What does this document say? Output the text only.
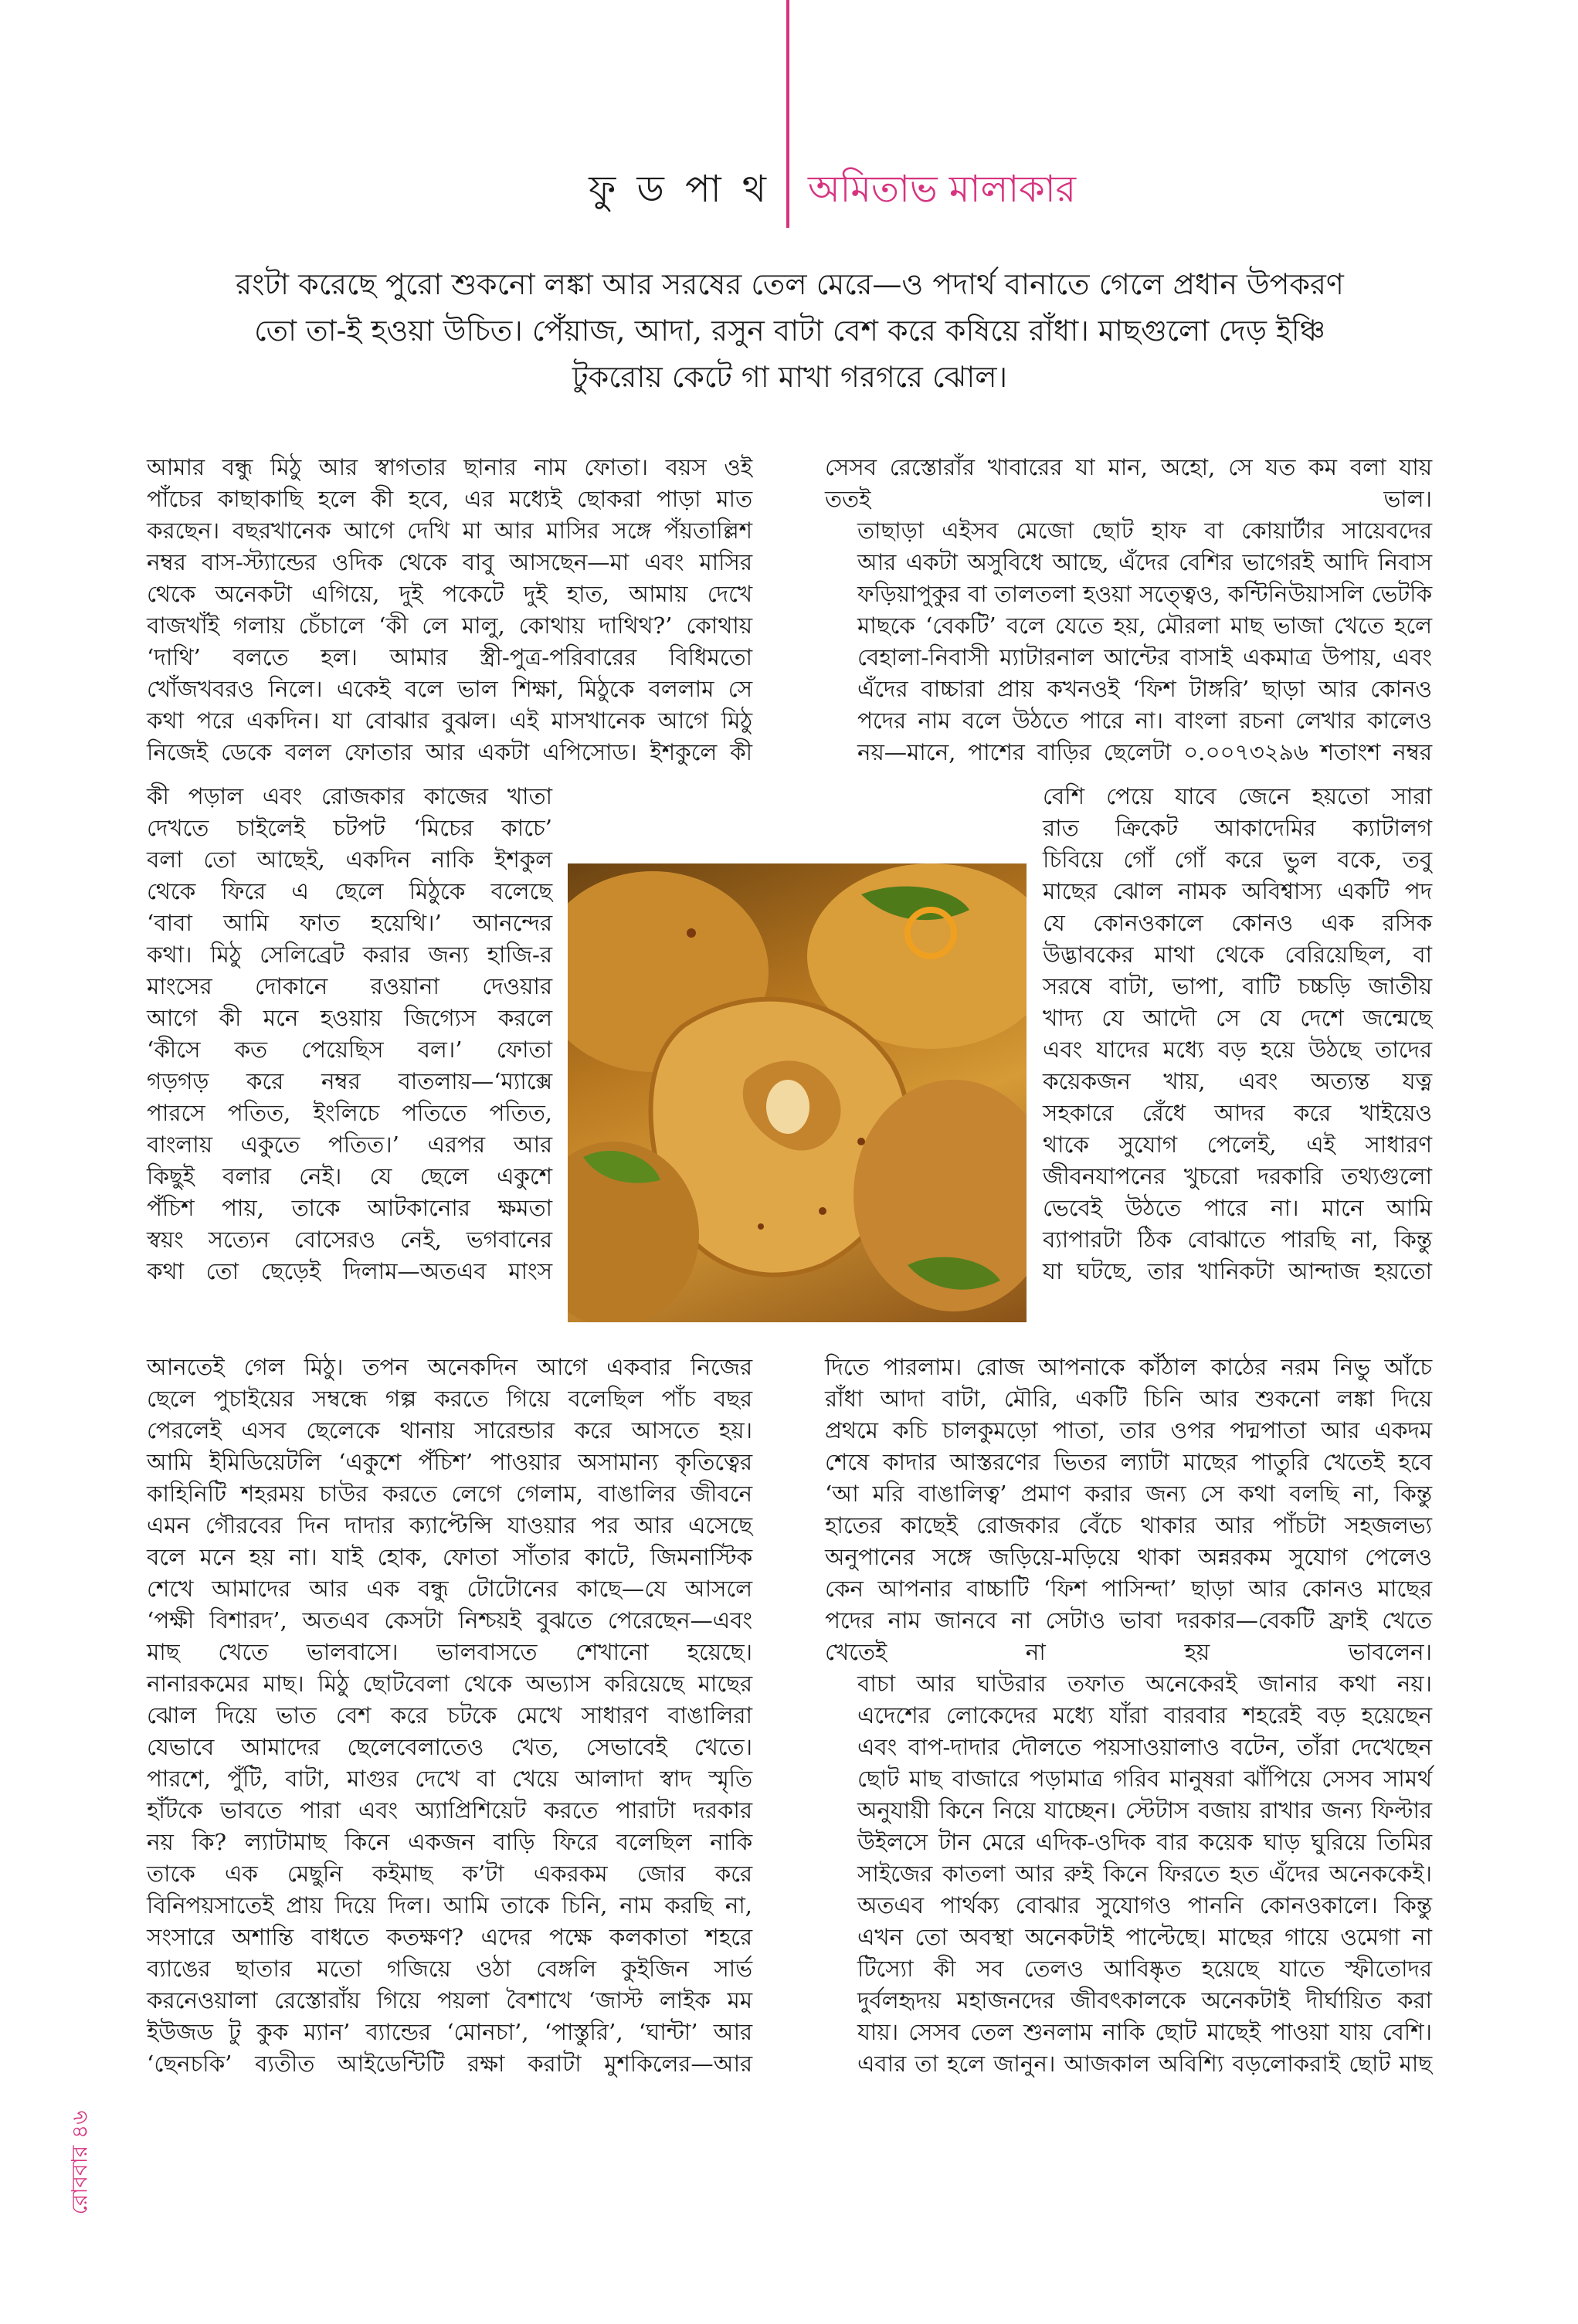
ফু ড পা থ অমিতাভ মালাকার
রংটা করেছে পুরো শুকনো লঙ্কা আর সরষের তেল মেরে—ও পদার্থ বানাতে গেলে প্রধান উপকরণ
তো তা-ই হওয়া উচিত। পেঁয়াজ, আদা, রসুন বাটা বেশ করে কষিয়ে রাঁধা। মাছগুলো দেড় ইঞ্চি
টুকরোয় কেটে গা মাখা গরগরে ঝোল।

আমার বন্ধু মিঠু আর স্বাগতার ছানার নাম ফোতা। বয়স ওই
পাঁচের কাছাকাছি হলে কী হবে, এর মধ্যেই ছোকরা পাড়া মাত
করছেন। বছরখানেক আগে দেখি মা আর মাসির সঙ্গে পঁয়তাল্লিশ
নম্বর বাস-স্ট্যান্ডের ওদিক থেকে বাবু আসছেন—মা এবং মাসির
থেকে অনেকটা এগিয়ে, দুই পকেটে দুই হাত, আমায় দেখে
বাজখাঁই গলায় চেঁচালে ‘কী লে মালু, কোথায় দাথিথ?’ কোথায়
‘দাথি’ বলতে হল। আমার স্ত্রী-পুত্র-পরিবারের বিধিমতো
খোঁজখবরও নিলে। একেই বলে ভাল শিক্ষা, মিঠুকে বললাম সে
কথা পরে একদিন। যা বোঝার বুঝল। এই মাসখানেক আগে মিঠু
নিজেই ডেকে বলল ফোতার আর একটা এপিসোড। ইশকুলে কী

কী পড়াল এবং রোজকার কাজের খাতা
দেখতে চাইলেই চটপট ‘মিচের কাচে’
বলা তো আছেই, একদিন নাকি ইশকুল
থেকে ফিরে এ ছেলে মিঠুকে বলেছে
‘বাবা আমি ফাত হয়েথি।’ আনন্দের
কথা। মিঠু সেলিব্রেট করার জন্য হাজি-র
মাংসের দোকানে রওয়ানা দেওয়ার
আগে কী মনে হওয়ায় জিগ্যেস করলে
‘কীসে কত পেয়েছিস বল।’ ফোতা
গড়গড় করে নম্বর বাতলায়—‘ম্যাক্সে
পারসে পতিত, ইংলিচে পতিতে পতিত,
বাংলায় একুতে পতিত।’ এরপর আর
কিছুই বলার নেই। যে ছেলে একুশে
পঁচিশ পায়, তাকে আটকানোর ক্ষমতা
স্বয়ং সত্যেন বোসেরও নেই, ভগবানের
কথা তো ছেড়েই দিলাম—অতএব মাংস

আনতেই গেল মিঠু। তপন অনেকদিন আগে একবার নিজের
ছেলে পুচাইয়ের সম্বন্ধে গল্প করতে গিয়ে বলেছিল পাঁচ বছর
পেরলেই এসব ছেলেকে থানায় সারেন্ডার করে আসতে হয়।
আমি ইমিডিয়েটলি ‘একুশে পঁচিশ’ পাওয়ার অসামান্য কৃতিত্বের
কাহিনিটি শহরময় চাউর করতে লেগে গেলাম, বাঙালির জীবনে
এমন গৌরবের দিন দাদার ক্যাপ্টেন্সি যাওয়ার পর আর এসেছে
বলে মনে হয় না। যাই হোক, ফোতা সাঁতার কাটে, জিমনাস্টিক
শেখে আমাদের আর এক বন্ধু টোটোনের কাছে—যে আসলে
‘পক্ষী বিশারদ’, অতএব কেসটা নিশ্চয়ই বুঝতে পেরেছেন—এবং
মাছ খেতে ভালবাসে। ভালবাসতে শেখানো হয়েছে।
নানারকমের মাছ। মিঠু ছোটবেলা থেকে অভ্যাস করিয়েছে মাছের
ঝোল দিয়ে ভাত বেশ করে চটকে মেখে সাধারণ বাঙালিরা
যেভাবে আমাদের ছেলেবেলাতেও খেত, সেভাবেই খেতে।
পারশে, পুঁটি, বাটা, মাগুর দেখে বা খেয়ে আলাদা স্বাদ স্মৃতি
হাঁটকে ভাবতে পারা এবং অ্যাপ্রিশিয়েট করতে পারাটা দরকার
নয় কি? ল্যাটামাছ কিনে একজন বাড়ি ফিরে বলেছিল নাকি
তাকে এক মেছুনি কইমাছ ক’টা একরকম জোর করে
বিনিপয়সাতেই প্রায় দিয়ে দিল। আমি তাকে চিনি, নাম করছি না,
সংসারে অশান্তি বাধতে কতক্ষণ? এদের পক্ষে কলকাতা শহরে
ব্যাঙের ছাতার মতো গজিয়ে ওঠা বেঙ্গলি কুইজিন সার্ভ
করনেওয়ালা রেস্তোরাঁয় গিয়ে পয়লা বৈশাখে ‘জাস্ট লাইক মম
ইউজড টু কুক ম্যান’ ব্যান্ডের ‘মোনচা’, ‘পাস্তুরি’, ‘ঘান্টা’ আর
‘ছেনচকি’ ব্যতীত আইডেন্টিটি রক্ষা করাটা মুশকিলের—আর

সেসব রেস্তোরাঁর খাবারের যা মান, অহো, সে যত কম বলা যায়
ততই ভাল।

তাছাড়া এইসব মেজো ছোট হাফ বা কোয়ার্টার সায়েবদের
আর একটা অসুবিধে আছে, এঁদের বেশির ভাগেরই আদি নিবাস
ফড়িয়াপুকুর বা তালতলা হওয়া সত্ত্বেও, কন্টিনিউয়াসলি ভেটকি
মাছকে ‘বেকটি’ বলে যেতে হয়, মৌরলা মাছ ভাজা খেতে হলে
বেহালা-নিবাসী ম্যাটারনাল আন্টের বাসাই একমাত্র উপায়, এবং
এঁদের বাচ্চারা প্রায় কখনওই ‘ফিশ টাঙ্গরি’ ছাড়া আর কোনও
পদের নাম বলে উঠতে পারে না। বাংলা রচনা লেখার কালেও
নয়—মানে, পাশের বাড়ির ছেলেটা ০.০০৭৩২৯৬ শতাংশ নম্বর

বেশি পেয়ে যাবে জেনে হয়তো সারা
রাত ক্রিকেট আকাদেমির ক্যাটালগ
চিবিয়ে গোঁ গোঁ করে ভুল বকে, তবু
মাছের ঝোল নামক অবিশ্বাস্য একটি পদ
যে কোনওকালে কোনও এক রসিক
উদ্ভাবকের মাথা থেকে বেরিয়েছিল, বা
সরষে বাটা, ভাপা, বাটি চচ্চড়ি জাতীয়
খাদ্য যে আদৌ সে যে দেশে জন্মেছে
এবং যাদের মধ্যে বড় হয়ে উঠছে তাদের
কয়েকজন খায়, এবং অত্যন্ত যত্ন
সহকারে রেঁধে আদর করে খাইয়েও
থাকে সুযোগ পেলেই, এই সাধারণ
জীবনযাপনের খুচরো দরকারি তথ্যগুলো
ভেবেই উঠতে পারে না। মানে আমি
ব্যাপারটা ঠিক বোঝাতে পারছি না, কিন্তু
যা ঘটছে, তার খানিকটা আন্দাজ হয়তো

দিতে পারলাম। রোজ আপনাকে কাঁঠাল কাঠের নরম নিভু আঁচে
রাঁধা আদা বাটা, মৌরি, একটি চিনি আর শুকনো লঙ্কা দিয়ে
প্রথমে কচি চালকুমড়ো পাতা, তার ওপর পদ্মপাতা আর একদম
শেষে কাদার আস্তরণের ভিতর ল্যাটা মাছের পাতুরি খেতেই হবে
‘আ মরি বাঙালিত্ব’ প্রমাণ করার জন্য সে কথা বলছি না, কিন্তু
হাতের কাছেই রোজকার বেঁচে থাকার আর পাঁচটা সহজলভ্য
অনুপানের সঙ্গে জড়িয়ে-মড়িয়ে থাকা অন্নরকম সুযোগ পেলেও
কেন আপনার বাচ্চাটি ‘ফিশ পাসিন্দা’ ছাড়া আর কোনও মাছের
পদের নাম জানবে না সেটাও ভাবা দরকার—বেকটি ফ্রাই খেতে
খেতেই না হয় ভাবলেন।

বাচা আর ঘাউরার তফাত অনেকেরই জানার কথা নয়।
এদেশের লোকেদের মধ্যে যাঁরা বারবার শহরেই বড় হয়েছেন
এবং বাপ-দাদার দৌলতে পয়সাওয়ালাও বটেন, তাঁরা দেখেছেন
ছোট মাছ বাজারে পড়ামাত্র গরিব মানুষরা ঝাঁপিয়ে সেসব সামর্থ
অনুযায়ী কিনে নিয়ে যাচ্ছেন। স্টেটাস বজায় রাখার জন্য ফিল্টার
উইলসে টান মেরে এদিক-ওদিক বার কয়েক ঘাড় ঘুরিয়ে তিমির
সাইজের কাতলা আর রুই কিনে ফিরতে হত এঁদের অনেককেই।
অতএব পার্থক্য বোঝার সুযোগও পাননি কোনওকালে। কিন্তু
এখন তো অবস্থা অনেকটাই পাল্টেছে। মাছের গায়ে ওমেগা না
টিস্যো কী সব তেলও আবিষ্কৃত হয়েছে যাতে স্ফীতোদর
দুর্বলহৃদয় মহাজনদের জীবৎকালকে অনেকটাই দীর্ঘায়িত করা
যায়। সেসব তেল শুনলাম নাকি ছোট মাছেই পাওয়া যায় বেশি।
এবার তা হলে জানুন। আজকাল অবিশ্যি বড়লোকরাই ছোট মাছ

রোববার ৪৬
